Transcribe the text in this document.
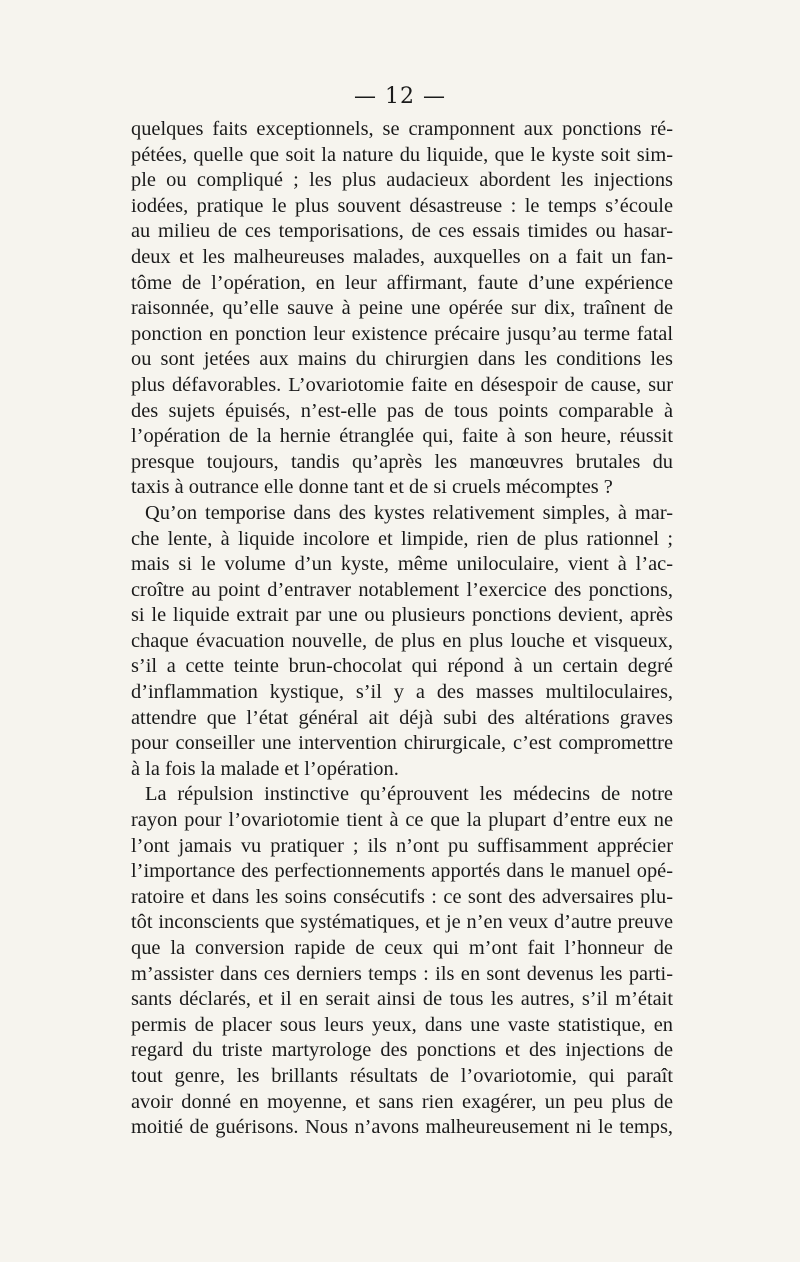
— 12 —
quelques faits exceptionnels, se cramponnent aux ponctions ré-
pétées, quelle que soit la nature du liquide, que le kyste soit sim-
ple ou compliqué ; les plus audacieux abordent les injections
iodées, pratique le plus souvent désastreuse : le temps s’écoule
au milieu de ces temporisations, de ces essais timides ou hasar-
deux et les malheureuses malades, auxquelles on a fait un fan-
tôme de l’opération, en leur affirmant, faute d’une expérience
raisonnée, qu’elle sauve à peine une opérée sur dix, traînent de
ponction en ponction leur existence précaire jusqu’au terme fatal
ou sont jetées aux mains du chirurgien dans les conditions les
plus défavorables. L’ovariotomie faite en désespoir de cause, sur
des sujets épuisés, n’est-elle pas de tous points comparable à
l’opération de la hernie étranglée qui, faite à son heure, réussit
presque toujours, tandis qu’après les manœuvres brutales du
taxis à outrance elle donne tant et de si cruels mécomptes ?
Qu’on temporise dans des kystes relativement simples, à mar-
che lente, à liquide incolore et limpide, rien de plus rationnel ;
mais si le volume d’un kyste, même uniloculaire, vient à l’ac-
croître au point d’entraver notablement l’exercice des ponctions,
si le liquide extrait par une ou plusieurs ponctions devient, après
chaque évacuation nouvelle, de plus en plus louche et visqueux,
s’il a cette teinte brun-chocolat qui répond à un certain degré
d’inflammation kystique, s’il y a des masses multiloculaires,
attendre que l’état général ait déjà subi des altérations graves
pour conseiller une intervention chirurgicale, c’est compromettre
à la fois la malade et l’opération.
La répulsion instinctive qu’éprouvent les médecins de notre
rayon pour l’ovariotomie tient à ce que la plupart d’entre eux ne
l’ont jamais vu pratiquer ; ils n’ont pu suffisamment apprécier
l’importance des perfectionnements apportés dans le manuel opé-
ratoire et dans les soins consécutifs : ce sont des adversaires plu-
tôt inconscients que systématiques, et je n’en veux d’autre preuve
que la conversion rapide de ceux qui m’ont fait l’honneur de
m’assister dans ces derniers temps : ils en sont devenus les parti-
sants déclarés, et il en serait ainsi de tous les autres, s’il m’était
permis de placer sous leurs yeux, dans une vaste statistique, en
regard du triste martyrologe des ponctions et des injections de
tout genre, les brillants résultats de l’ovariotomie, qui paraît
avoir donné en moyenne, et sans rien exagérer, un peu plus de
moitié de guérisons. Nous n’avons malheureusement ni le temps,
